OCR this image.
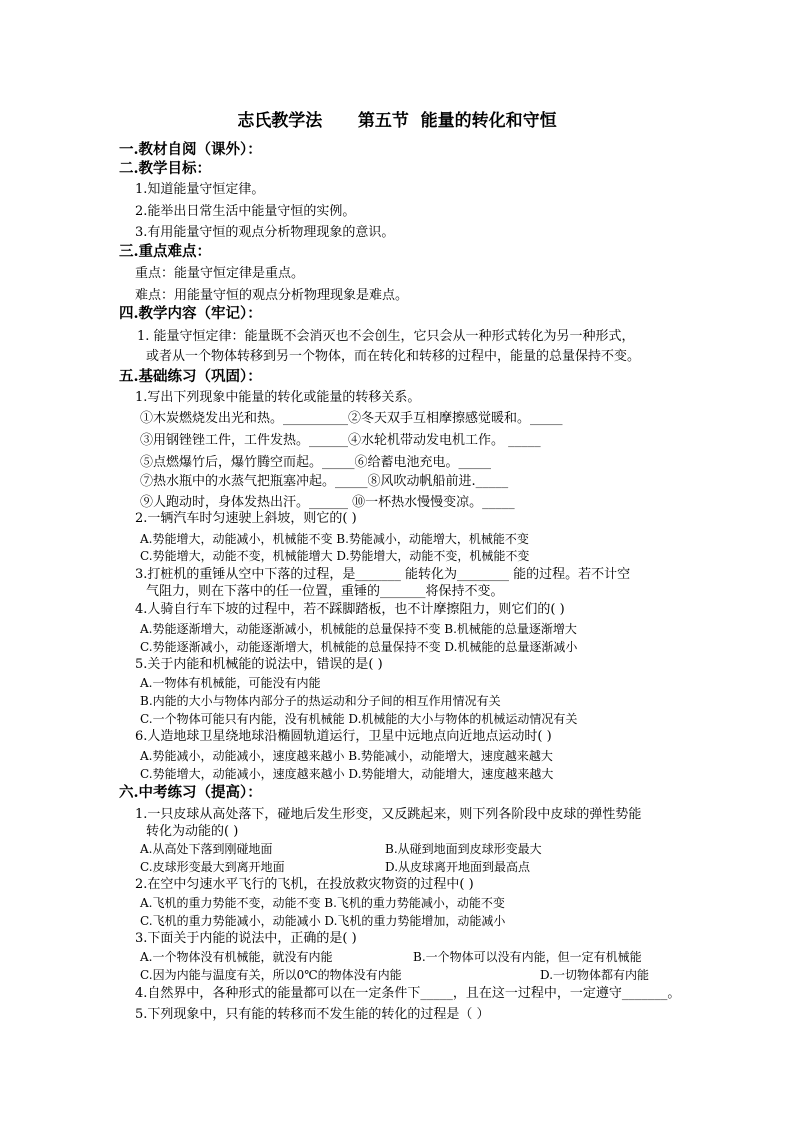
志氏教学法      第五节  能量的转化和守恒
一.教材自阅（课外）：
二.教学目标：
1.知道能量守恒定律。
2.能举出日常生活中能量守恒的实例。
3.有用能量守恒的观点分析物理现象的意识。
三.重点难点：
重点：能量守恒定律是重点。
难点：用能量守恒的观点分析物理现象是难点。
四.教学内容（牢记）：
1. 能量守恒定律：能量既不会消灭也不会创生，它只会从一种形式转化为另一种形式，
或者从一个物体转移到另一个物体，而在转化和转移的过程中，能量的总量保持不变。
五.基础练习（巩固）：
1.写出下列现象中能量的转化或能量的转移关系。
①木炭燃烧发出光和热。__________②冬天双手互相摩擦感觉暖和。_____
③用钢锉锉工件，工件发热。______④水轮机带动发电机工作。 _____
⑤点燃爆竹后，爆竹腾空而起。_____⑥给蓄电池充电。_____
⑦热水瓶中的水蒸气把瓶塞冲起。_____⑧风吹动帆船前进._____
⑨人跑动时，身体发热出汗。______ ⑩一杯热水慢慢变凉。_____
2.一辆汽车时匀速驶上斜坡，则它的( )
A.势能增大，动能减小，机械能不变 B.势能减小，动能增大，机械能不变
C.势能增大，动能不变，机械能增大 D.势能增大，动能不变，机械能不变
3.打桩机的重锤从空中下落的过程，是_______ 能转化为________ 能的过程。若不计空
气阻力，则在下落中的任一位置，重锤的_______将保持不变。
4.人骑自行车下坡的过程中，若不踩脚踏板，也不计摩擦阻力，则它们的( )
A.势能逐渐增大，动能逐渐减小，机械能的总量保持不变 B.机械能的总量逐渐增大
C.势能逐渐减小，动能逐渐增大，机械能的总量保持不变 D.机械能的总量逐渐减小
5.关于内能和机械能的说法中，错误的是( )
A.一物体有机械能，可能没有内能
B.内能的大小与物体内部分子的热运动和分子间的相互作用情况有关
C.一个物体可能只有内能，没有机械能 D.机械能的大小与物体的机械运动情况有关
6.人造地球卫星绕地球沿椭圆轨道运行，卫星中远地点向近地点运动时( )
A.势能减小，动能减小，速度越来越小 B.势能减小，动能增大，速度越来越大
C.势能增大，动能减小，速度越来越小 D.势能增大，动能增大，速度越来越大
六.中考练习（提高）：
1.一只皮球从高处落下，碰地后发生形变，又反跳起来，则下列各阶段中皮球的弹性势能
转化为动能的( )
A.从高处下落到刚碰地面	B.从碰到地面到皮球形变最大
C.皮球形变最大到离开地面	D.从皮球离开地面到最高点
2.在空中匀速水平飞行的飞机，在投放救灾物资的过程中( )
A.飞机的重力势能不变，动能不变 B.飞机的重力势能减小，动能不变
C.飞机的重力势能减小，动能减小 D.飞机的重力势能增加，动能减小
3.下面关于内能的说法中，正确的是( )
A.一个物体没有机械能，就没有内能	B.一个物体可以没有内能，但一定有机械能
C.因为内能与温度有关，所以0℃的物体没有内能	D.一切物体都有内能
4.自然界中，各种形式的能量都可以在一定条件下_____，且在这一过程中，一定遵守_______。
5.下列现象中，只有能的转移而不发生能的转化的过程是（ ）
